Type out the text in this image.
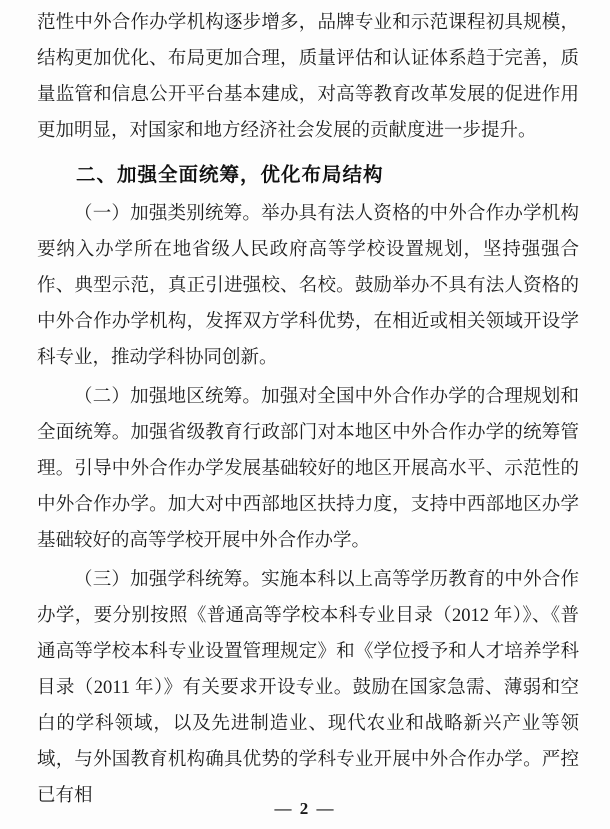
范性中外合作办学机构逐步增多，品牌专业和示范课程初具规模，结构更加优化、布局更加合理，质量评估和认证体系趋于完善，质量监管和信息公开平台基本建成，对高等教育改革发展的促进作用更加明显，对国家和地方经济社会发展的贡献度进一步提升。

二、加强全面统筹，优化布局结构

（一）加强类别统筹。举办具有法人资格的中外合作办学机构要纳入办学所在地省级人民政府高等学校设置规划，坚持强强合作、典型示范，真正引进强校、名校。鼓励举办不具有法人资格的中外合作办学机构，发挥双方学科优势，在相近或相关领域开设学科专业，推动学科协同创新。

（二）加强地区统筹。加强对全国中外合作办学的合理规划和全面统筹。加强省级教育行政部门对本地区中外合作办学的统筹管理。引导中外合作办学发展基础较好的地区开展高水平、示范性的中外合作办学。加大对中西部地区扶持力度，支持中西部地区办学基础较好的高等学校开展中外合作办学。

（三）加强学科统筹。实施本科以上高等学历教育的中外合作办学，要分别按照《普通高等学校本科专业目录（2012 年）》、《普通高等学校本科专业设置管理规定》和《学位授予和人才培养学科目录（2011 年）》有关要求开设专业。鼓励在国家急需、薄弱和空白的学科领域，以及先进制造业、现代农业和战略新兴产业等领域，与外国教育机构确具优势的学科专业开展中外合作办学。严控已有相

— 2 —
